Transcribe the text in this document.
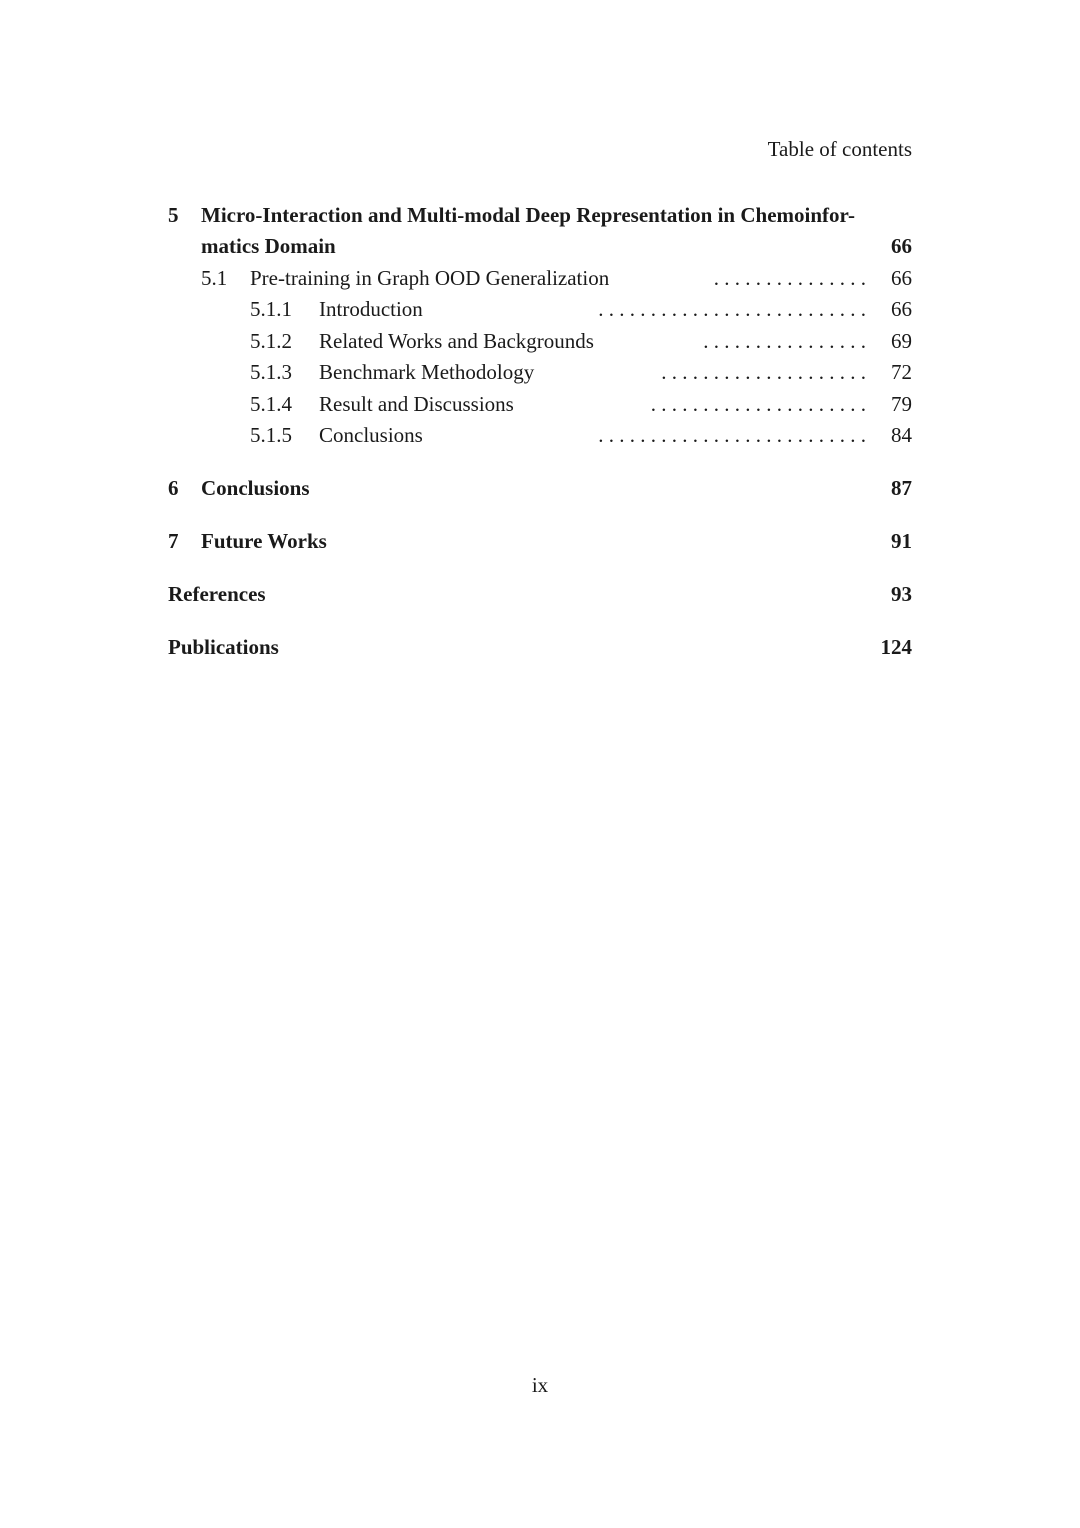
Table of contents
5 Micro-Interaction and Multi-modal Deep Representation in Chemoinfor-
matics Domain	66
5.1 Pre-training in Graph OOD Generalization	. . . . . . . . . . . . . . . 66
5.1.1 Introduction	. . . . . . . . . . . . . . . . . . . . . . . . . . 66
5.1.2 Related Works and Backgrounds	. . . . . . . . . . . . . . . . 69
5.1.3 Benchmark Methodology	. . . . . . . . . . . . . . . . . . . . 72
5.1.4 Result and Discussions	. . . . . . . . . . . . . . . . . . . . . 79
5.1.5 Conclusions	. . . . . . . . . . . . . . . . . . . . . . . . . . 84
6 Conclusions	87
7 Future Works	91
References	93
Publications	124
ix
